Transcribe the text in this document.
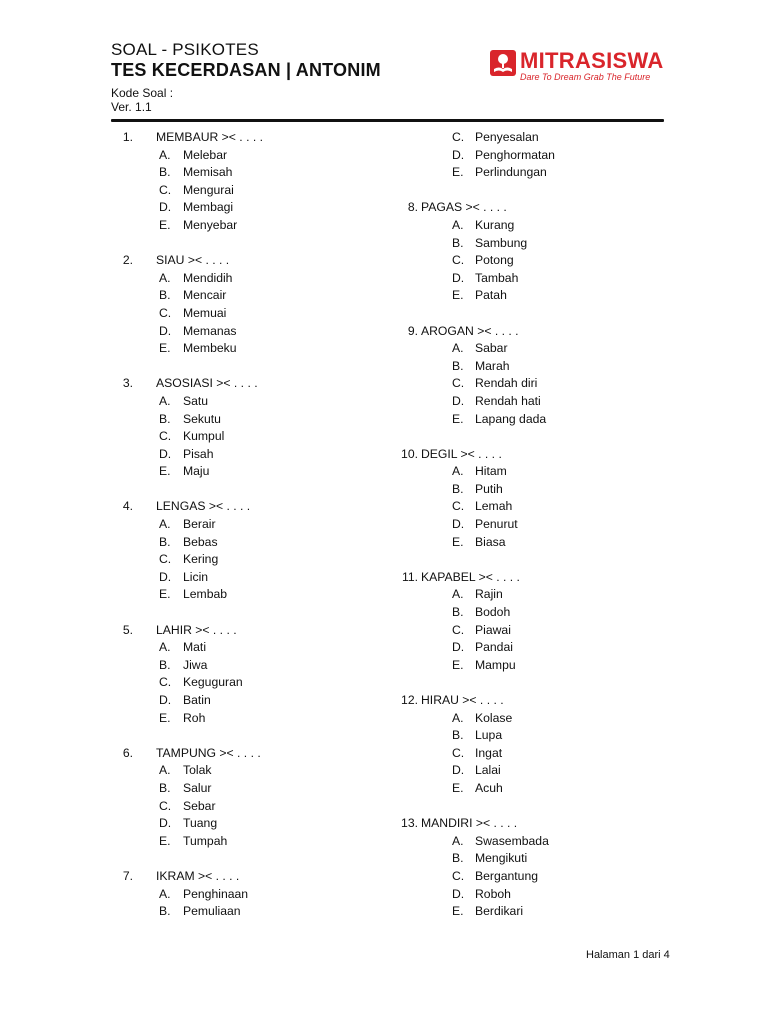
SOAL - PSIKOTES
TES KECERDASAN | ANTONIM
Kode Soal :
Ver. 1.1
MITRASISWA
Dare To Dream Grab The Future
1. MEMBAUR >< . . . .
A. Melebar
B. Memisah
C. Mengurai
D. Membagi
E. Menyebar
2. SIAU >< . . . .
A. Mendidih
B. Mencair
C. Memuai
D. Memanas
E. Membeku
3. ASOSIASI >< . . . .
A. Satu
B. Sekutu
C. Kumpul
D. Pisah
E. Maju
4. LENGAS >< . . . .
A. Berair
B. Bebas
C. Kering
D. Licin
E. Lembab
5. LAHIR >< . . . .
A. Mati
B. Jiwa
C. Keguguran
D. Batin
E. Roh
6. TAMPUNG >< . . . .
A. Tolak
B. Salur
C. Sebar
D. Tuang
E. Tumpah
7. IKRAM >< . . . .
A. Penghinaan
B. Pemuliaan
C. Penyesalan
D. Penghormatan
E. Perlindungan
8. PAGAS >< . . . .
A. Kurang
B. Sambung
C. Potong
D. Tambah
E. Patah
9. AROGAN >< . . . .
A. Sabar
B. Marah
C. Rendah diri
D. Rendah hati
E. Lapang dada
10. DEGIL >< . . . .
A. Hitam
B. Putih
C. Lemah
D. Penurut
E. Biasa
11. KAPABEL >< . . . .
A. Rajin
B. Bodoh
C. Piawai
D. Pandai
E. Mampu
12. HIRAU >< . . . .
A. Kolase
B. Lupa
C. Ingat
D. Lalai
E. Acuh
13. MANDIRI >< . . . .
A. Swasembada
B. Mengikuti
C. Bergantung
D. Roboh
E. Berdikari
Halaman 1 dari 4
